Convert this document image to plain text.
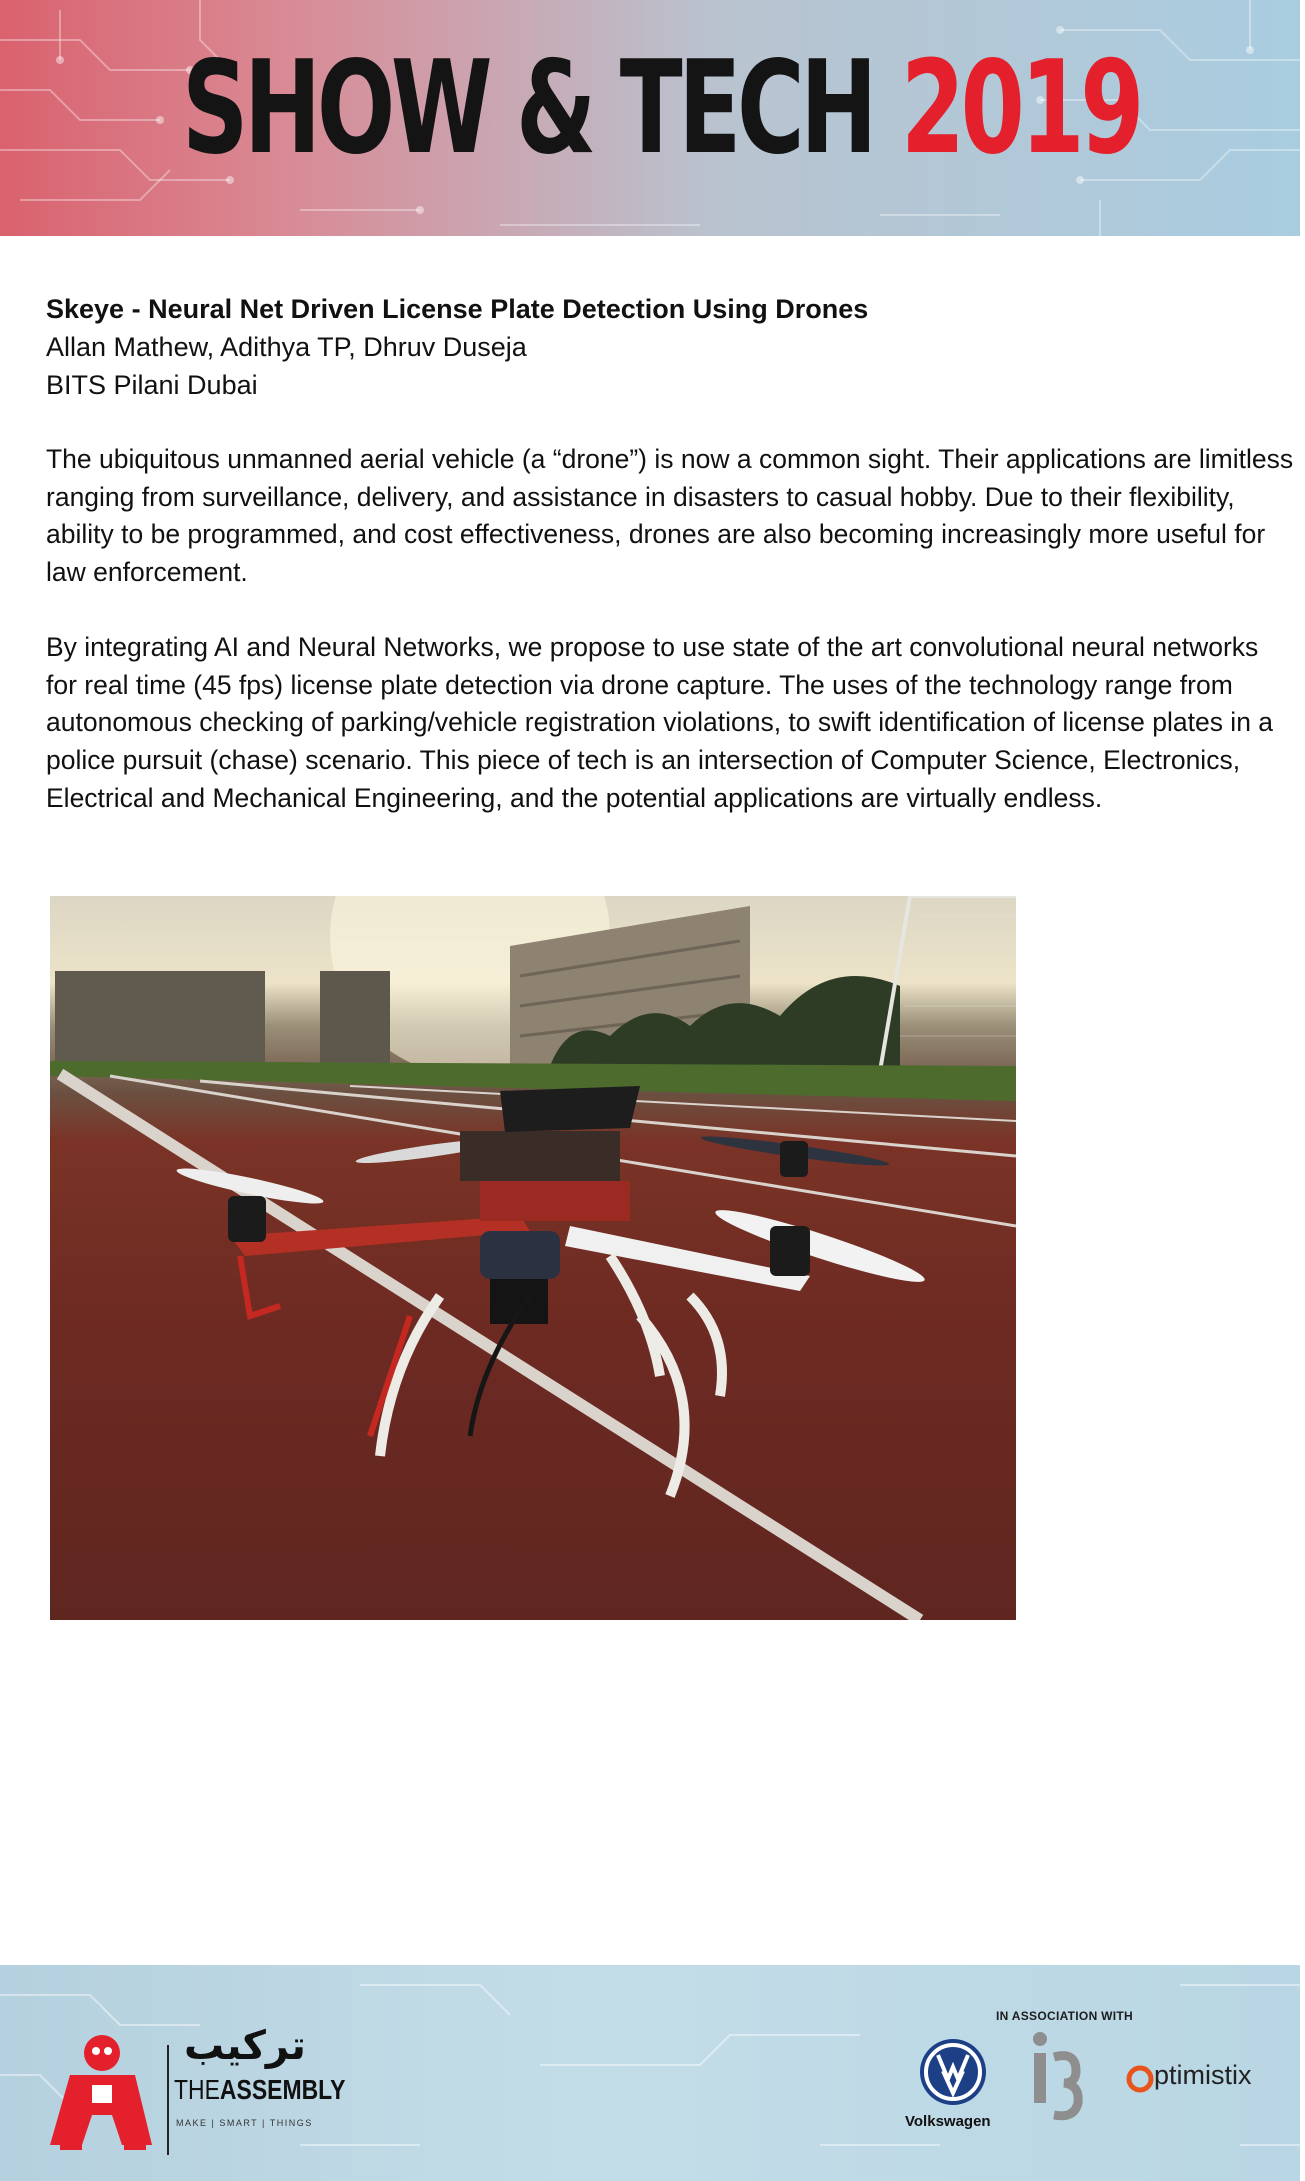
SHOW & TECH 2019

Skeye - Neural Net Driven License Plate Detection Using Drones

Allan Mathew, Adithya TP, Dhruv Duseja

BITS Pilani Dubai

The ubiquitous unmanned aerial vehicle (a “drone”) is now a common sight. Their applications are limitless ranging from surveillance, delivery, and assistance in disasters to casual hobby. Due to their flexibility, ability to be programmed, and cost effectiveness, drones are also becoming increasingly more useful for law enforcement.

By integrating AI and Neural Networks, we propose to use state of the art convolutional neural networks for real time (45 fps) license plate detection via drone capture. The uses of the technology range from autonomous checking of parking/vehicle registration violations, to swift identification of license plates in a police pursuit (chase) scenario. This piece of tech is an intersection of Computer Science, Electronics, Electrical and Mechanical Engineering, and the potential applications are virtually endless.

تركيب
THEASSEMBLY
MAKE | SMART | THINGS
IN ASSOCIATION WITH
Volkswagen
ptimistix
